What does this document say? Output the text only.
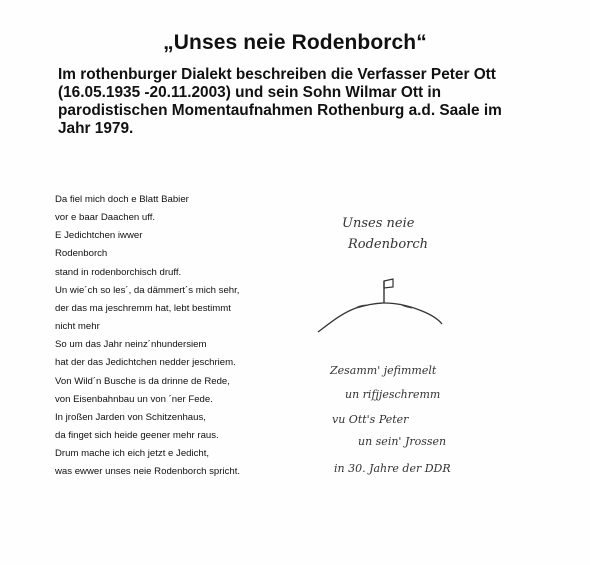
„Unses neie Rodenborch“
Im rothenburger Dialekt beschreiben die Verfasser Peter Ott
(16.05.1935 -20.11.2003) und sein Sohn Wilmar Ott in
parodistischen Momentaufnahmen Rothenburg a.d. Saale im
Jahr 1979.
Da fiel mich doch e Blatt Babier
vor e baar Daachen uff.
E Jedichtchen iwwer
Rodenborch
stand in rodenborchisch druff.
Un wie´ch so les´, da dämmert´s mich sehr,
der das ma jeschremm hat, lebt bestimmt
nicht mehr
So um das Jahr neinz´nhundersiem
hat der das Jedichtchen nedder jeschriem.
Von Wild´n Busche is da drinne de Rede,
von Eisenbahnbau un von ´ner Fede.
In jroßen Jarden von Schitzenhaus,
da finget sich heide geener mehr raus.
Drum mache ich eich jetzt e Jedicht,
was ewwer unses neie Rodenborch spricht.
Unses neie
Rodenborch
Zesamm' jefimmelt
un rifjjeschremm
vu Ott's Peter
un sein' Jrossen
in 30. Jahre der DDR
